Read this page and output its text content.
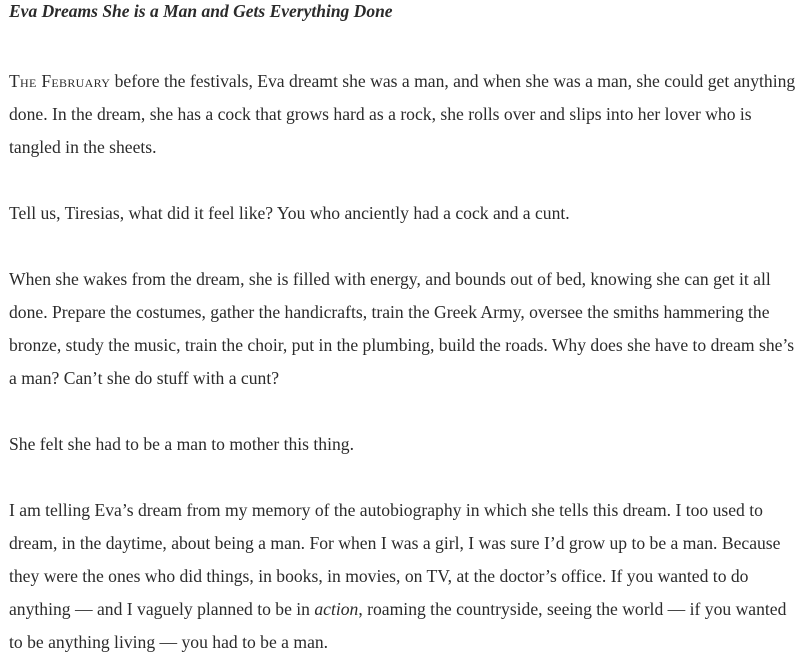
Eva Dreams She is a Man and Gets Everything Done

The February before the festivals, Eva dreamt she was a man, and when she was a man, she could get anything done. In the dream, she has a cock that grows hard as a rock, she rolls over and slips into her lover who is tangled in the sheets.

Tell us, Tiresias, what did it feel like? You who anciently had a cock and a cunt.

When she wakes from the dream, she is filled with energy, and bounds out of bed, knowing she can get it all done. Prepare the costumes, gather the handicrafts, train the Greek Army, oversee the smiths hammering the bronze, study the music, train the choir, put in the plumbing, build the roads. Why does she have to dream she’s a man? Can’t she do stuff with a cunt?

She felt she had to be a man to mother this thing.

I am telling Eva’s dream from my memory of the autobiography in which she tells this dream. I too used to dream, in the daytime, about being a man. For when I was a girl, I was sure I’d grow up to be a man. Because they were the ones who did things, in books, in movies, on TV, at the doctor’s office. If you wanted to do anything — and I vaguely planned to be in action, roaming the countryside, seeing the world — if you wanted to be anything living — you had to be a man.
